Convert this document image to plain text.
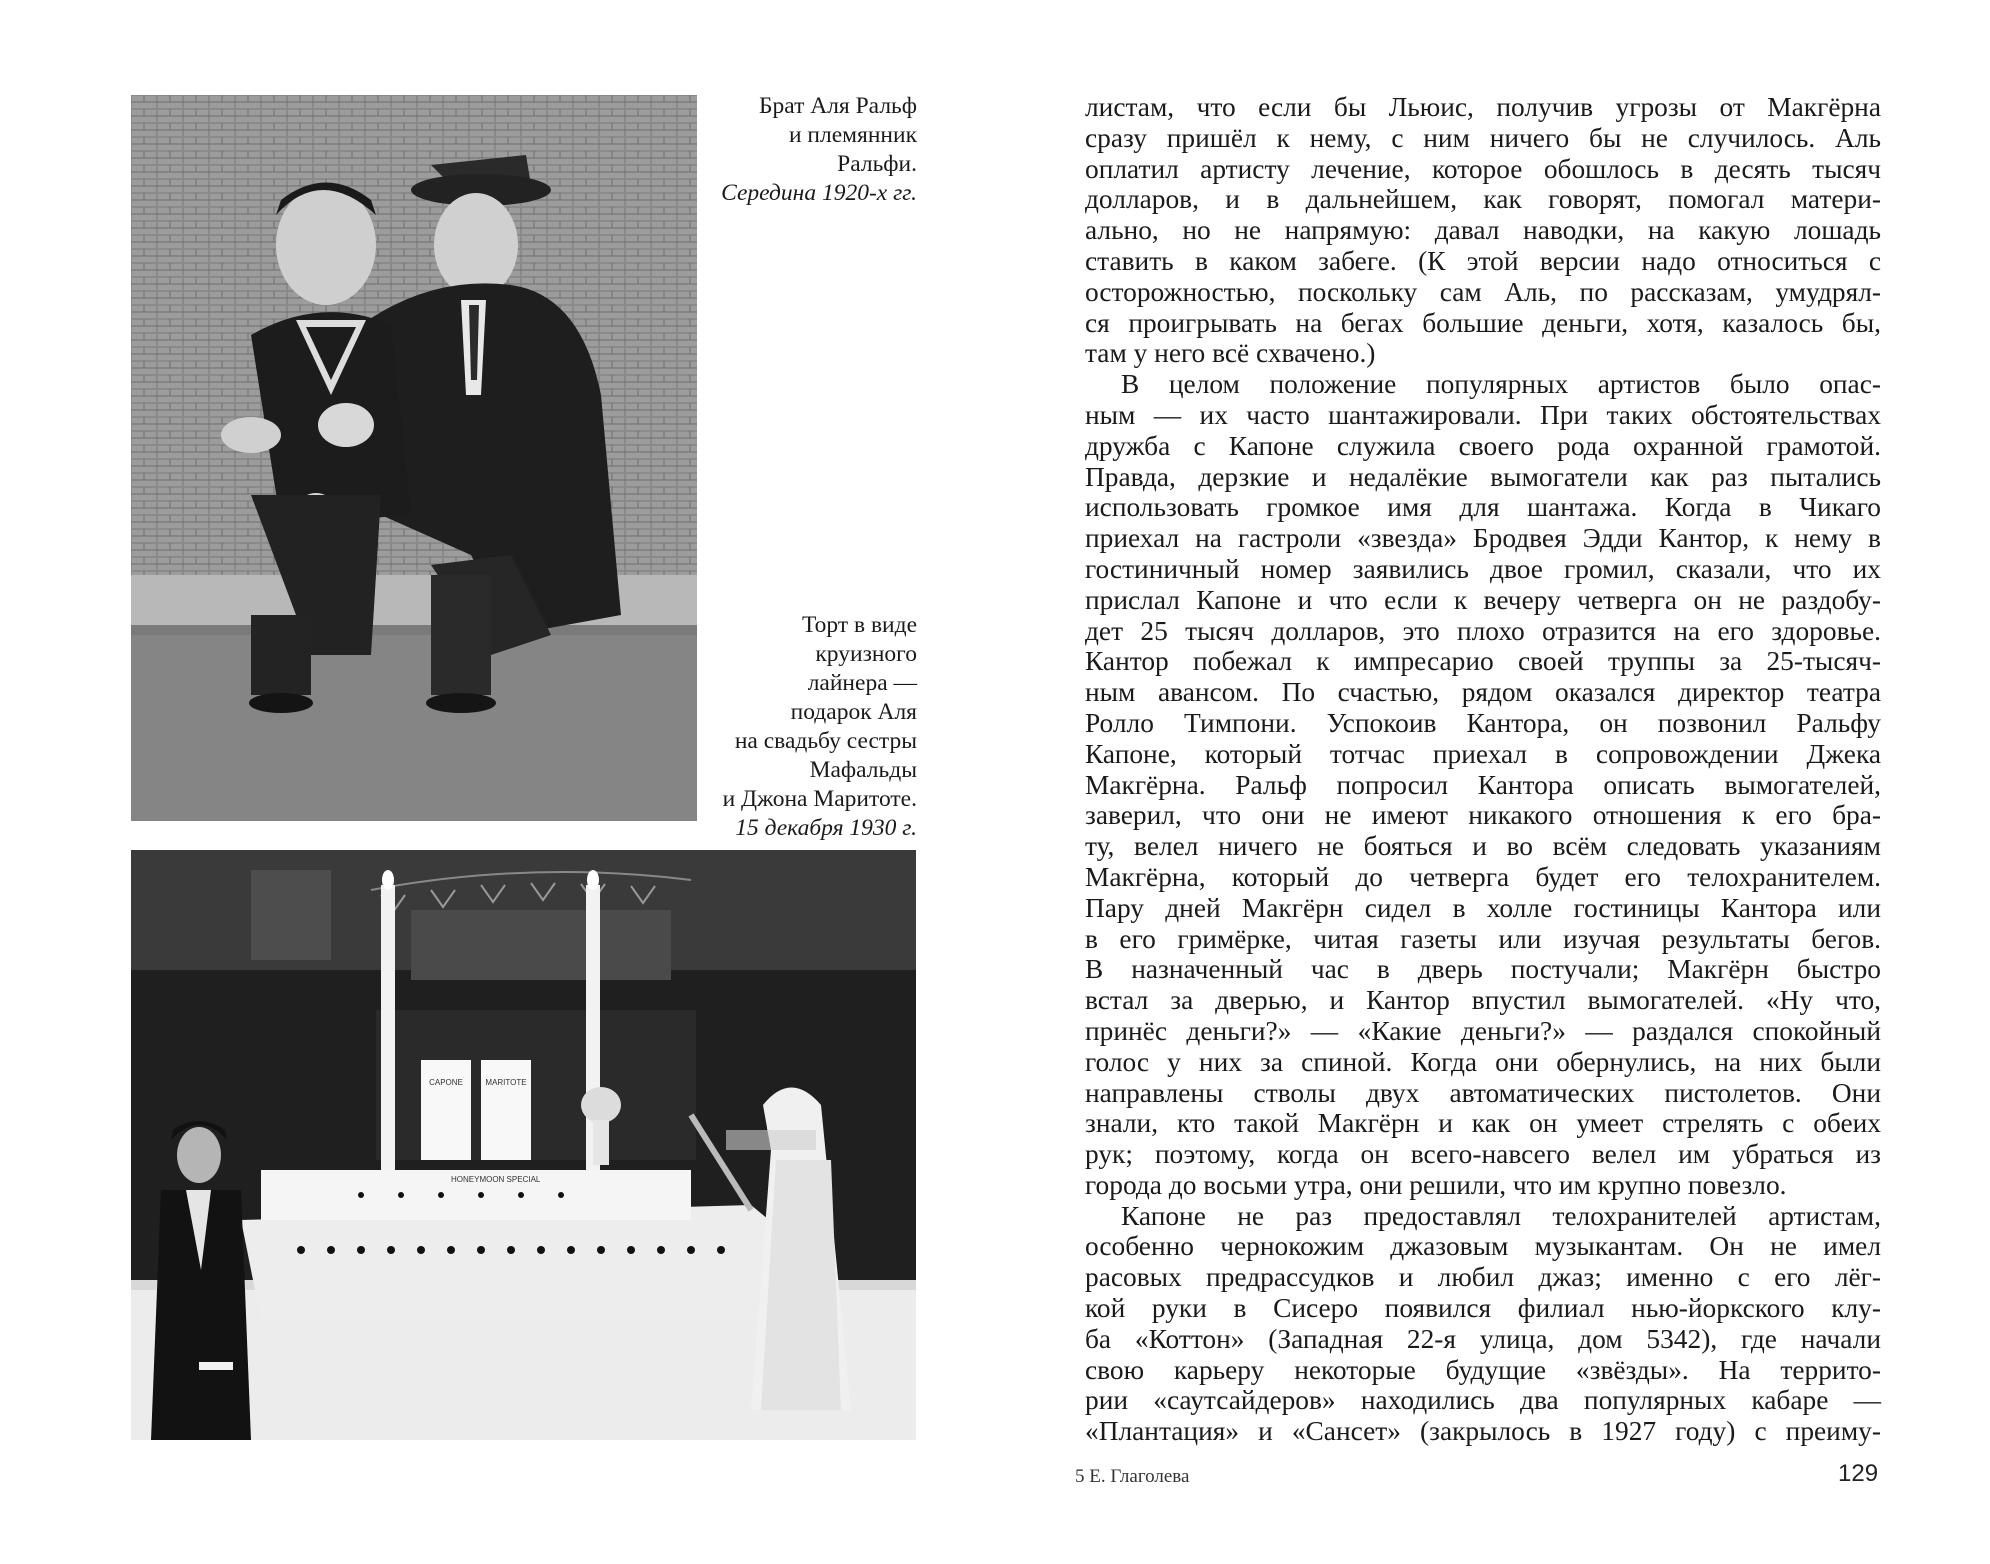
Брат Аля Ральф
и племянник
Ральфи.
Середина 1920-х гг.
Торт в виде
круизного
лайнера —
подарок Аля
на свадьбу сестры
Мафальды
и Джона Маритоте.
15 декабря 1930 г.
CAPONE	MARITOTE
HONEYMOON SPECIAL
листам, что если бы Льюис, получив угрозы от Макгёрна
сразу пришёл к нему, с ним ничего бы не случилось. Аль
оплатил артисту лечение, которое обошлось в десять тысяч
долларов, и в дальнейшем, как говорят, помогал матери-
ально, но не напрямую: давал наводки, на какую лошадь
ставить в каком забеге. (К этой версии надо относиться с
осторожностью, поскольку сам Аль, по рассказам, умудрял-
ся проигрывать на бегах большие деньги, хотя, казалось бы,
там у него всё схвачено.)
В целом положение популярных артистов было опас-
ным — их часто шантажировали. При таких обстоятельствах
дружба с Капоне служила своего рода охранной грамотой.
Правда, дерзкие и недалёкие вымогатели как раз пытались
использовать громкое имя для шантажа. Когда в Чикаго
приехал на гастроли «звезда» Бродвея Эдди Кантор, к нему в
гостиничный номер заявились двое громил, сказали, что их
прислал Капоне и что если к вечеру четверга он не раздобу-
дет 25 тысяч долларов, это плохо отразится на его здоровье.
Кантор побежал к импресарио своей труппы за 25-тысяч-
ным авансом. По счастью, рядом оказался директор театра
Ролло Тимпони. Успокоив Кантора, он позвонил Ральфу
Капоне, который тотчас приехал в сопровождении Джека
Макгёрна. Ральф попросил Кантора описать вымогателей,
заверил, что они не имеют никакого отношения к его бра-
ту, велел ничего не бояться и во всём следовать указаниям
Макгёрна, который до четверга будет его телохранителем.
Пару дней Макгёрн сидел в холле гостиницы Кантора или
в его гримёрке, читая газеты или изучая результаты бегов.
В назначенный час в дверь постучали; Макгёрн быстро
встал за дверью, и Кантор впустил вымогателей. «Ну что,
принёс деньги?» — «Какие деньги?» — раздался спокойный
голос у них за спиной. Когда они обернулись, на них были
направлены стволы двух автоматических пистолетов. Они
знали, кто такой Макгёрн и как он умеет стрелять с обеих
рук; поэтому, когда он всего-навсего велел им убраться из
города до восьми утра, они решили, что им крупно повезло.
Капоне не раз предоставлял телохранителей артистам,
особенно чернокожим джазовым музыкантам. Он не имел
расовых предрассудков и любил джаз; именно с его лёг-
кой руки в Сисеро появился филиал нью-йоркского клу-
ба «Коттон» (Западная 22-я улица, дом 5342), где начали
свою карьеру некоторые будущие «звёзды». На террито-
рии «саутсайдеров» находились два популярных кабаре —
«Плантация» и «Сансет» (закрылось в 1927 году) с преиму-
5 Е. Глаголева	129
